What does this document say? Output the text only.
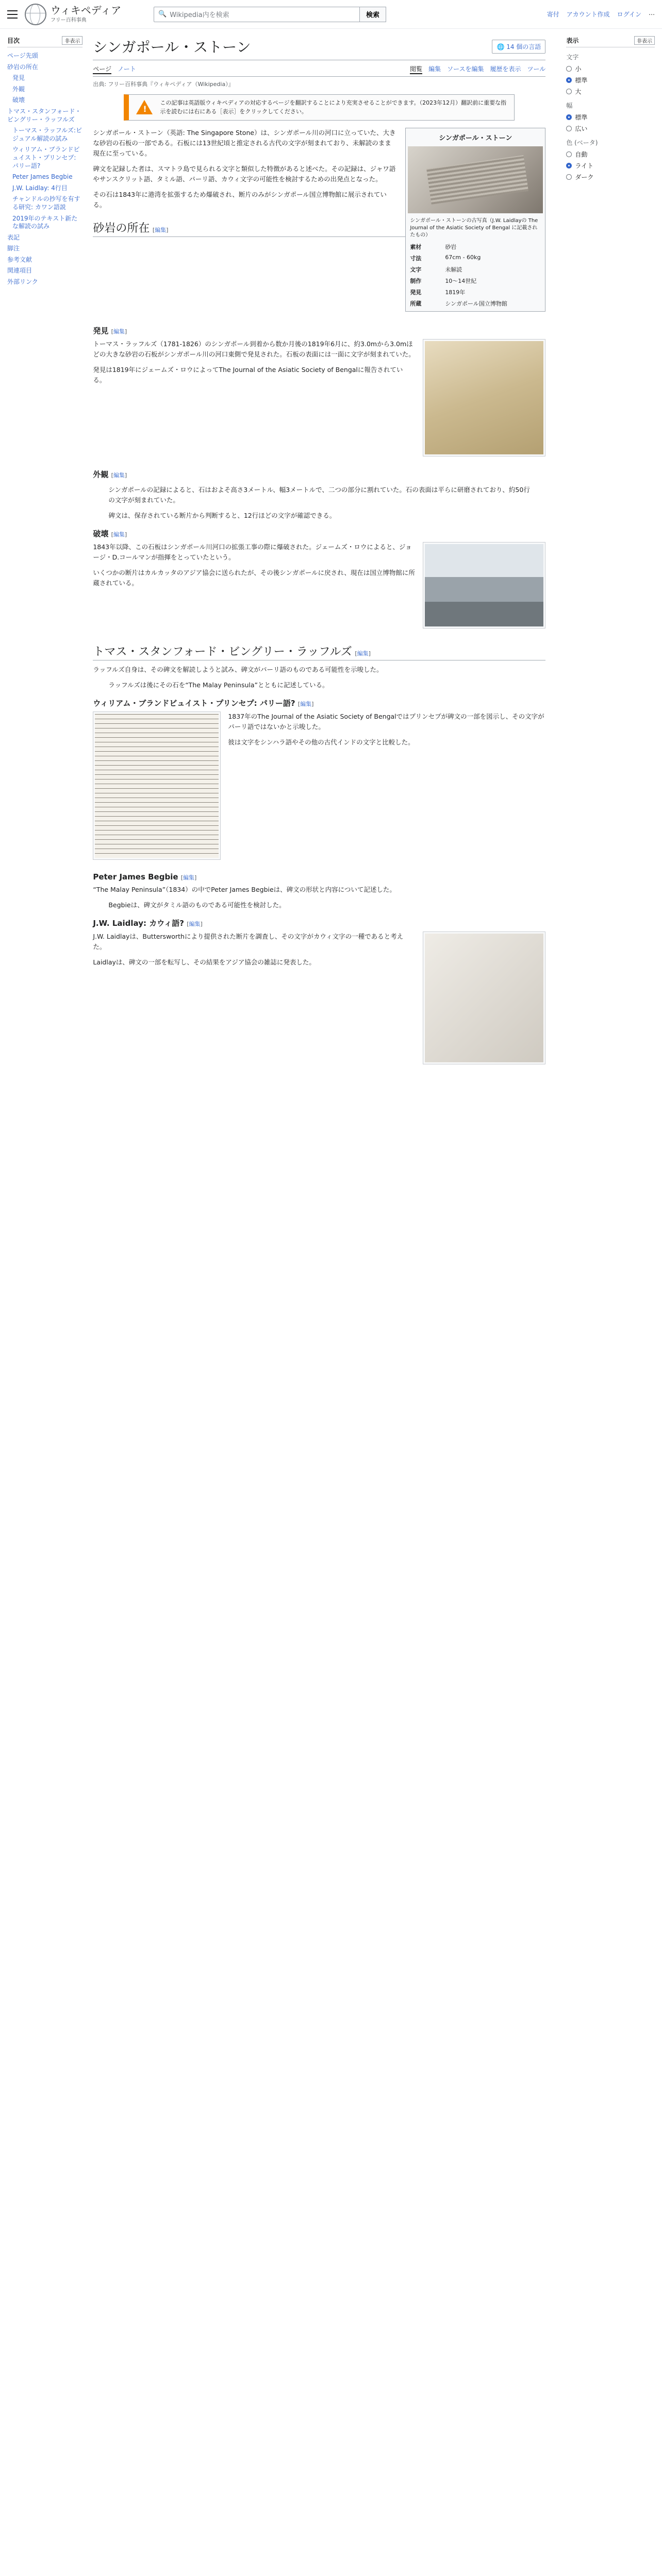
ウィキペディア
フリー百科事典
🔍 Wikipedia内を検索	検索	寄付 アカウント作成 ログイン ⋯
目次	非表示
ページ先頭
砂岩の所在
発見
外観
破壊
トマス・スタンフォード・ビングリー・ラッフルズ
トーマス・ラッフルズ:ビジュアル解読の試み
ウィリアム・ブランドビュイスト・プリンセプ: パリー語?
Peter James Begbie
J.W. Laidlay: 4行目
チャンドルの抄写を有する研究: カワン語説
2019年のテキスト新たな解読の試み
表記
脚注
参考文献
関連項目
外部リンク
シンガポール・ストーン	🌐 14 個の言語
ページ ノート	閲覧 編集 ソースを編集 履歴を表示 ツール
出典: フリー百科事典『ウィキペディア（Wikipedia）』
!
この記事は英語版ウィキペディアの対応するページを翻訳することにより充実させることができます。（2023年12月）翻訳前に重要な指示を読むには右にある［表示］をクリックしてください。
シンガポール・ストーン
シンガポール・ストーンの古写真（J.W. Laidlayの The Journal of the Asiatic Society of Bengal に記載されたもの）
素材	砂岩
寸法	67cm - 60kg
文字	未解読
制作	10～14世紀
発見	1819年
所蔵	シンガポール国立博物館

シンガポール・ストーン（英語: The Singapore Stone）は、シンガポール川の河口に立っていた、大きな砂岩の石板の一部である。石板には13世紀頃と推定される古代の文字が刻まれており、未解読のまま現在に至っている。

碑文を記録した者は、スマトラ島で見られる文字と類似した特徴があると述べた。その記録は、ジャワ語やサンスクリット語、タミル語、パーリ語、カウィ文字の可能性を検討するための出発点となった。

その石は1843年に港湾を拡張するため爆破され、断片のみがシンガポール国立博物館に展示されている。

砂岩の所在 [編集]
発見 [編集]

トーマス・ラッフルズ（1781-1826）のシンガポール到着から数か月後の1819年6月に、約3.0mから3.0mほどの大きな砂岩の石板がシンガポール川の河口東側で発見された。石板の表面には一面に文字が刻まれていた。

発見は1819年にジェームズ・ロウによってThe Journal of the Asiatic Society of Bengalに報告されている。

外観 [編集]

シンガポールの記録によると、石はおよそ高さ3メートル、幅3メートルで、二つの部分に割れていた。石の表面は平らに研磨されており、約50行の文字が刻まれていた。

碑文は、保存されている断片から判断すると、12行ほどの文字が確認できる。

破壊 [編集]

1843年以降、この石板はシンガポール川河口の拡張工事の際に爆破された。ジェームズ・ロウによると、ジョージ・D.コールマンが指揮をとっていたという。

いくつかの断片はカルカッタのアジア協会に送られたが、その後シンガポールに戻され、現在は国立博物館に所蔵されている。

トマス・スタンフォード・ビングリー・ラッフルズ [編集]

ラッフルズ自身は、その碑文を解読しようと試み、碑文がパーリ語のものである可能性を示唆した。

ラッフルズは後にその石を“The Malay Peninsula”とともに記述している。

ウィリアム・ブランドビュイスト・プリンセプ: パリー語? [編集]

1837年のThe Journal of the Asiatic Society of Bengalではプリンセプが碑文の一部を図示し、その文字がパーリ語ではないかと示唆した。

彼は文字をシンハラ語やその他の古代インドの文字と比較した。

Peter James Begbie [編集]

“The Malay Peninsula”（1834）の中でPeter James Begbieは、碑文の形状と内容について記述した。

Begbieは、碑文がタミル語のものである可能性を検討した。

J.W. Laidlay: カウィ語? [編集]

J.W. Laidlayは、Buttersworthにより提供された断片を調査し、その文字がカウィ文字の一種であると考えた。

Laidlayは、碑文の一部を転写し、その結果をアジア協会の雑誌に発表した。

表示	非表示
文字
小
標準
大
幅
標準
広い
色 (ベータ)
自動
ライト
ダーク
